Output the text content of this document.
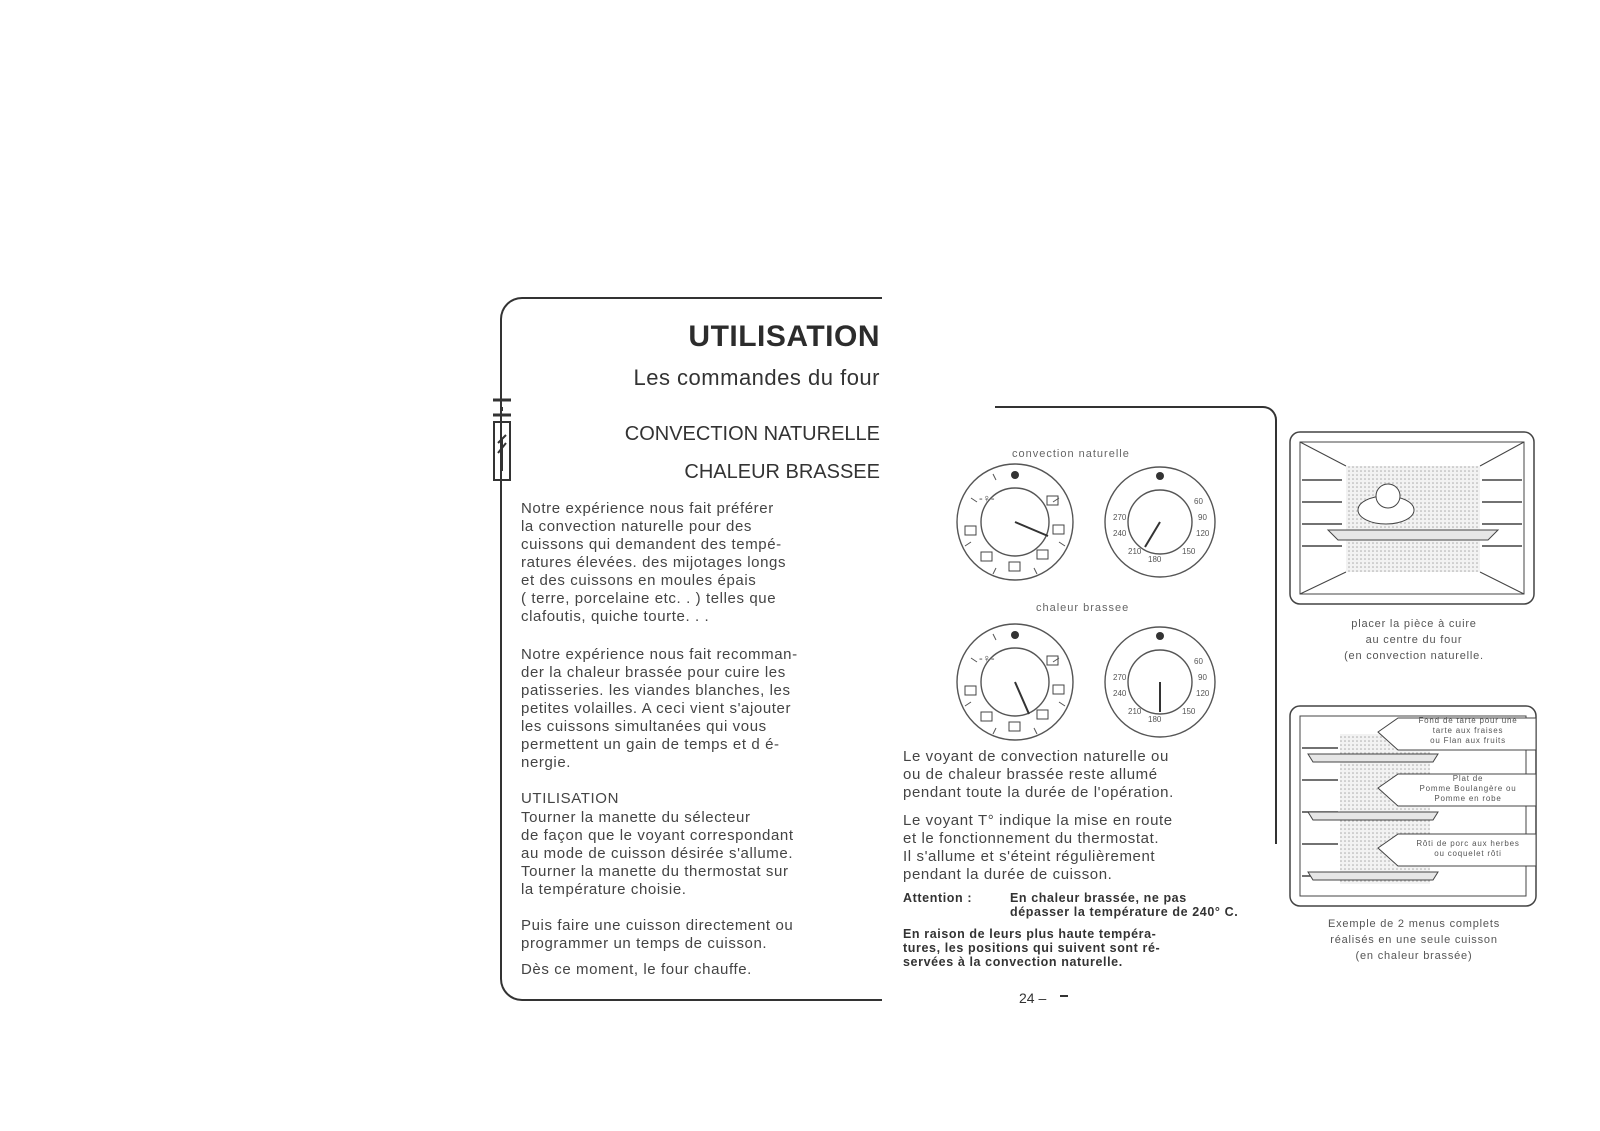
UTILISATION
Les commandes du four
CONVECTION NATURELLE
CHALEUR BRASSEE
Notre expérience nous fait préférer
la convection naturelle pour des
cuissons qui demandent des tempé-
ratures élevées. des mijotages longs
et des cuissons en moules épais
( terre, porcelaine etc. . ) telles que
clafoutis, quiche tourte. . .
Notre expérience nous fait recomman-
der la chaleur brassée pour cuire les
patisseries. les viandes blanches, les
petites volailles. A ceci vient s'ajouter
les cuissons simultanées qui vous
permettent un gain de temps et d é-
nergie.
UTILISATION
Tourner la manette du sélecteur
de façon que le voyant correspondant
au mode de cuisson désirée s'allume.
Tourner la manette du thermostat sur
la température choisie.
Puis faire une cuisson directement ou
programmer un temps de cuisson.
Dès ce moment, le four chauffe.
convection naturelle
chaleur brassee
-♀-
270
240
210
180
150
120
90
60
-♀-
270
240
210
180
150
120
90
60
Le voyant de convection naturelle ou
ou de chaleur brassée reste allumé
pendant toute la durée de l'opération.
Le voyant T° indique la mise en route
et le fonctionnement du thermostat.
Il s'allume et s'éteint régulièrement
pendant la durée de cuisson.
Attention :	En chaleur brassée, ne pas
dépasser la température de 240° C.
En raison de leurs plus haute tempéra-
tures, les positions qui suivent sont ré-
servées à la convection naturelle.
placer la pièce à cuire
au centre du four
(en convection naturelle.
Fond de tarte pour une
tarte aux fraises
ou Flan aux fruits
Plat de
Pomme Boulangère ou
Pomme en robe
Rôti de porc aux herbes
ou coquelet rôti
Exemple de 2 menus complets
réalisés en une seule cuisson
(en chaleur brassée)
24 –
